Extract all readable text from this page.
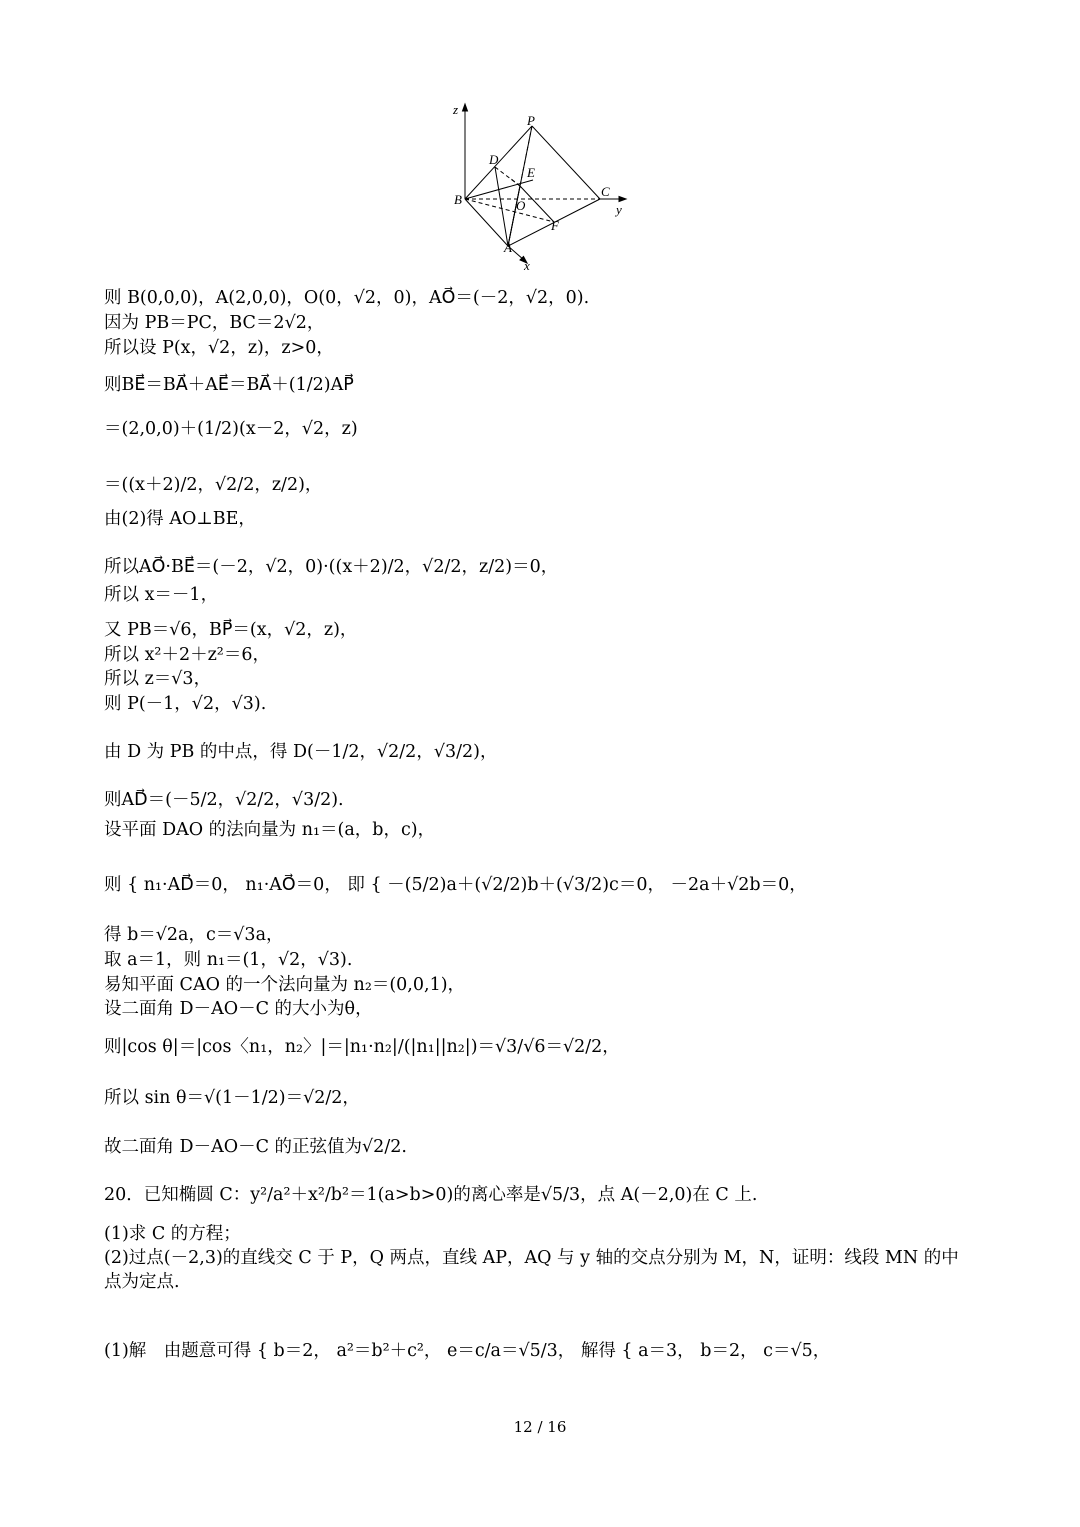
z
P
D
E
B	O
C
y
F
A
x
则 B(0,0,0)，A(2,0,0)，O(0，√2，0)，AO⃗＝(－2，√2，0).
因为 PB＝PC，BC＝2√2，
所以设 P(x，√2，z)，z>0，
则BE⃗＝BA⃗＋AE⃗＝BA⃗＋(1/2)AP⃗
＝(2,0,0)＋(1/2)(x－2，√2，z)
＝((x＋2)/2，√2/2，z/2)，
由(2)得 AO⊥BE，
所以AO⃗·BE⃗＝(－2，√2，0)·((x＋2)/2，√2/2，z/2)＝0，
所以 x＝－1，
又 PB＝√6，BP⃗＝(x，√2，z)，
所以 x²＋2＋z²＝6，
所以 z＝√3，
则 P(－1，√2，√3).
由 D 为 PB 的中点，得 D(－1/2，√2/2，√3/2)，
则AD⃗＝(－5/2，√2/2，√3/2).
设平面 DAO 的法向量为 n₁＝(a，b，c)，
则 { n₁·AD⃗＝0， n₁·AO⃗＝0， 即 { －(5/2)a＋(√2/2)b＋(√3/2)c＝0， －2a＋√2b＝0，
得 b＝√2a，c＝√3a，
取 a＝1，则 n₁＝(1，√2，√3).
易知平面 CAO 的一个法向量为 n₂＝(0,0,1)，
设二面角 D－AO－C 的大小为θ，
则|cos θ|＝|cos〈n₁，n₂〉|＝|n₁·n₂|/(|n₁||n₂|)＝√3/√6＝√2/2，
所以 sin θ＝√(1－1/2)＝√2/2，
故二面角 D－AO－C 的正弦值为√2/2.
20．已知椭圆 C：y²/a²＋x²/b²＝1(a>b>0)的离心率是√5/3，点 A(－2,0)在 C 上.
(1)求 C 的方程；
(2)过点(－2,3)的直线交 C 于 P，Q 两点，直线 AP，AQ 与 y 轴的交点分别为 M，N，证明：线段 MN 的中
点为定点.
(1)解　由题意可得 { b＝2， a²＝b²＋c²， e＝c/a＝√5/3， 解得 { a＝3， b＝2， c＝√5，
12 / 16
